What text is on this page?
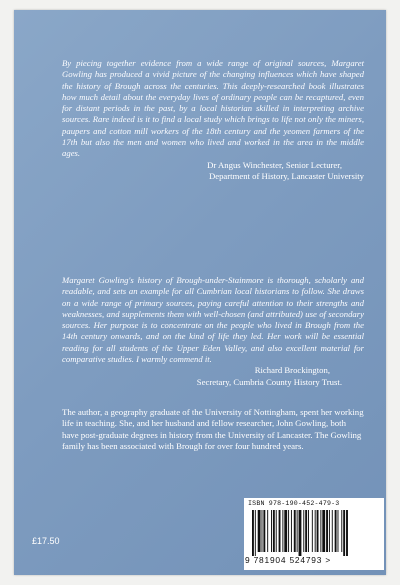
By piecing together evidence from a wide range of original sources, Margaret Gowling has produced a vivid picture of the changing influences which have shaped the history of Brough across the centuries. This deeply-researched book illustrates how much detail about the everyday lives of ordinary people can be recaptured, even for distant periods in the past, by a local historian skilled in interpreting archive sources. Rare indeed is it to find a local study which brings to life not only the miners, paupers and cotton mill workers of the 18th century and the yeomen farmers of the 17th but also the men and women who lived and worked in the area in the middle ages.

Dr Angus Winchester, Senior Lecturer,
Department of History, Lancaster University

Margaret Gowling's history of Brough-under-Stainmore is thorough, scholarly and readable, and sets an example for all Cumbrian local historians to follow. She draws on a wide range of primary sources, paying careful attention to their strengths and weaknesses, and supplements them with well-chosen (and attributed) use of secondary sources. Her purpose is to concentrate on the people who lived in Brough from the 14th century onwards, and on the kind of life they led. Her work will be essential reading for all students of the Upper Eden Valley, and also excellent material for comparative studies. I warmly commend it.

Richard Brockington,
Secretary, Cumbria County History Trust.
The author, a geography graduate of the University of Nottingham, spent her working life in teaching. She, and her husband and fellow researcher, John Gowling, both have post-graduate degrees in history from the University of Lancaster. The Gowling family has been associated with Brough for over four hundred years.
£17.50
ISBN 978-190-452-479-3
9 781904 524793 >
